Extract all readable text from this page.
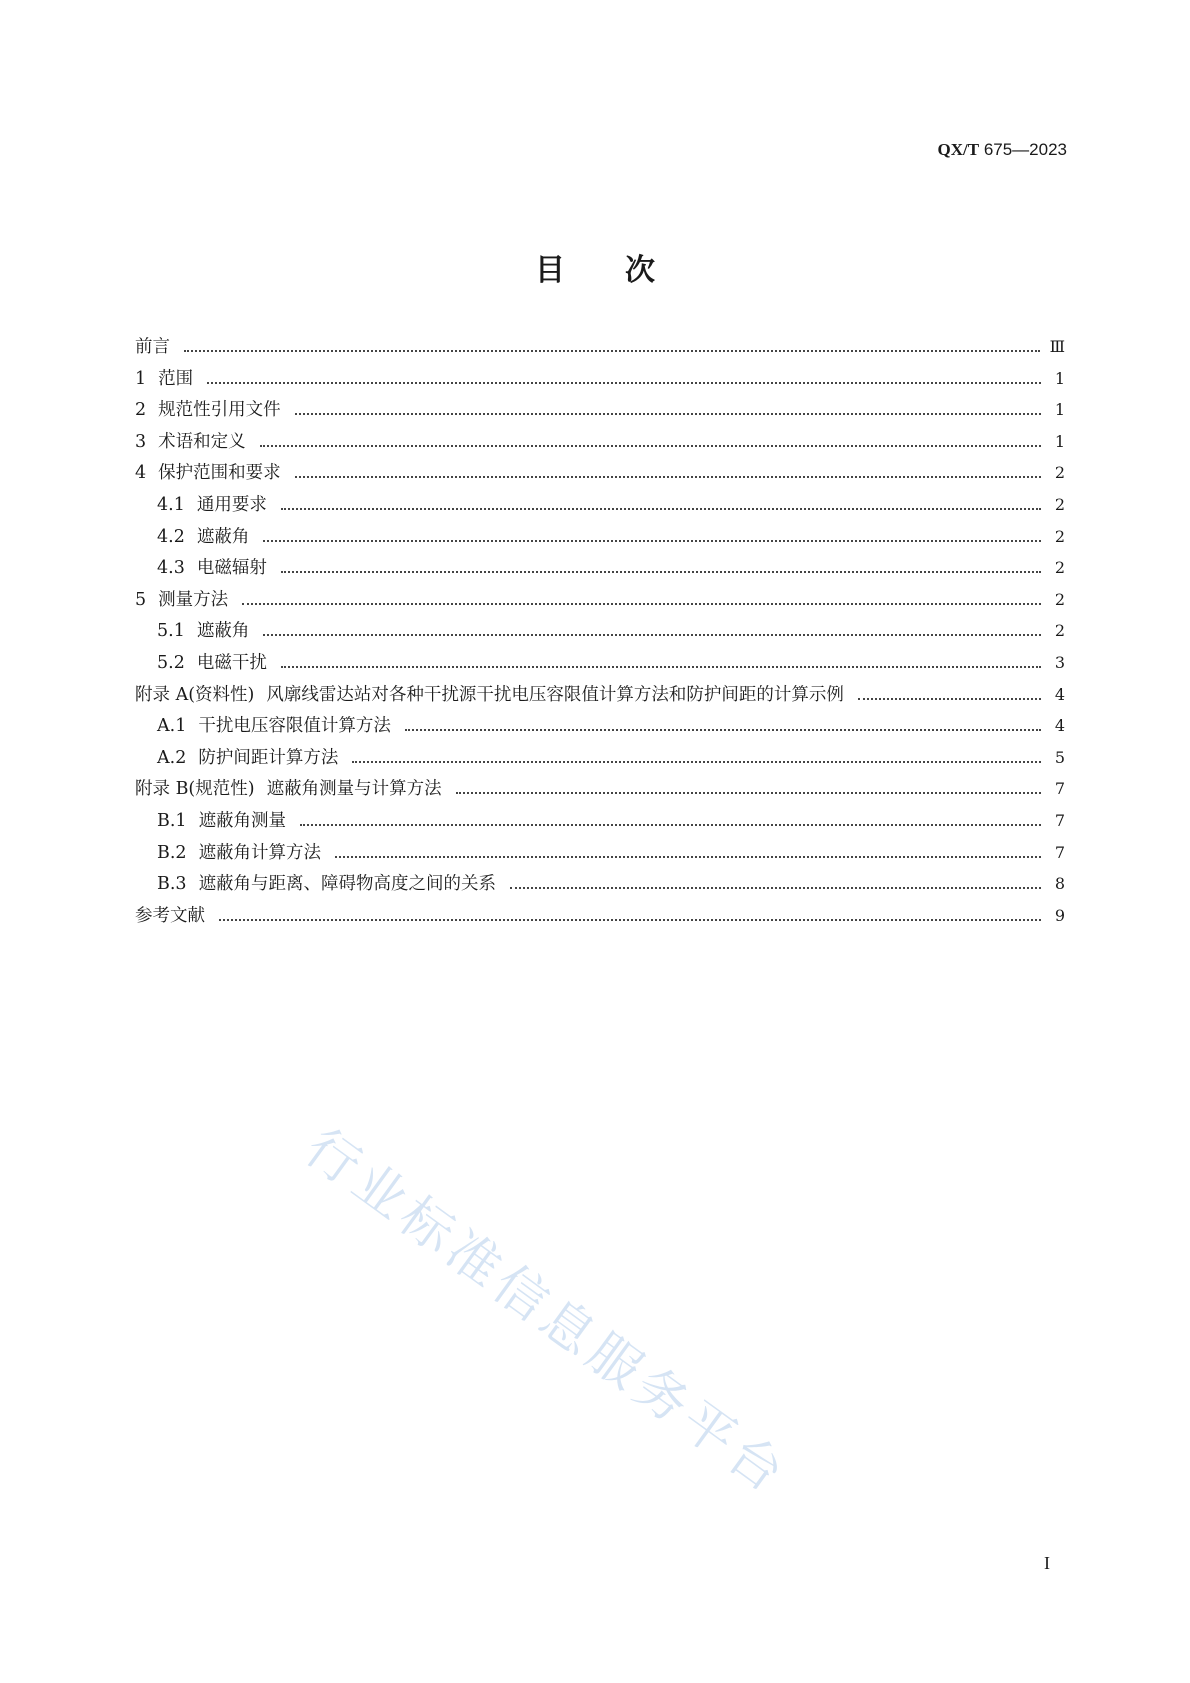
QX/T 675—2023
目 次
前言	Ⅲ
1 范围	1
2 规范性引用文件	1
3 术语和定义	1
4 保护范围和要求	2
4.1 通用要求	2
4.2 遮蔽角	2
4.3 电磁辐射	2
5 测量方法	2
5.1 遮蔽角	2
5.2 电磁干扰	3
附录 A(资料性) 风廓线雷达站对各种干扰源干扰电压容限值计算方法和防护间距的计算示例	4
A.1 干扰电压容限值计算方法	4
A.2 防护间距计算方法	5
附录 B(规范性) 遮蔽角测量与计算方法	7
B.1 遮蔽角测量	7
B.2 遮蔽角计算方法	7
B.3 遮蔽角与距离、障碍物高度之间的关系	8
参考文献	9
行业标准信息服务平台
I
